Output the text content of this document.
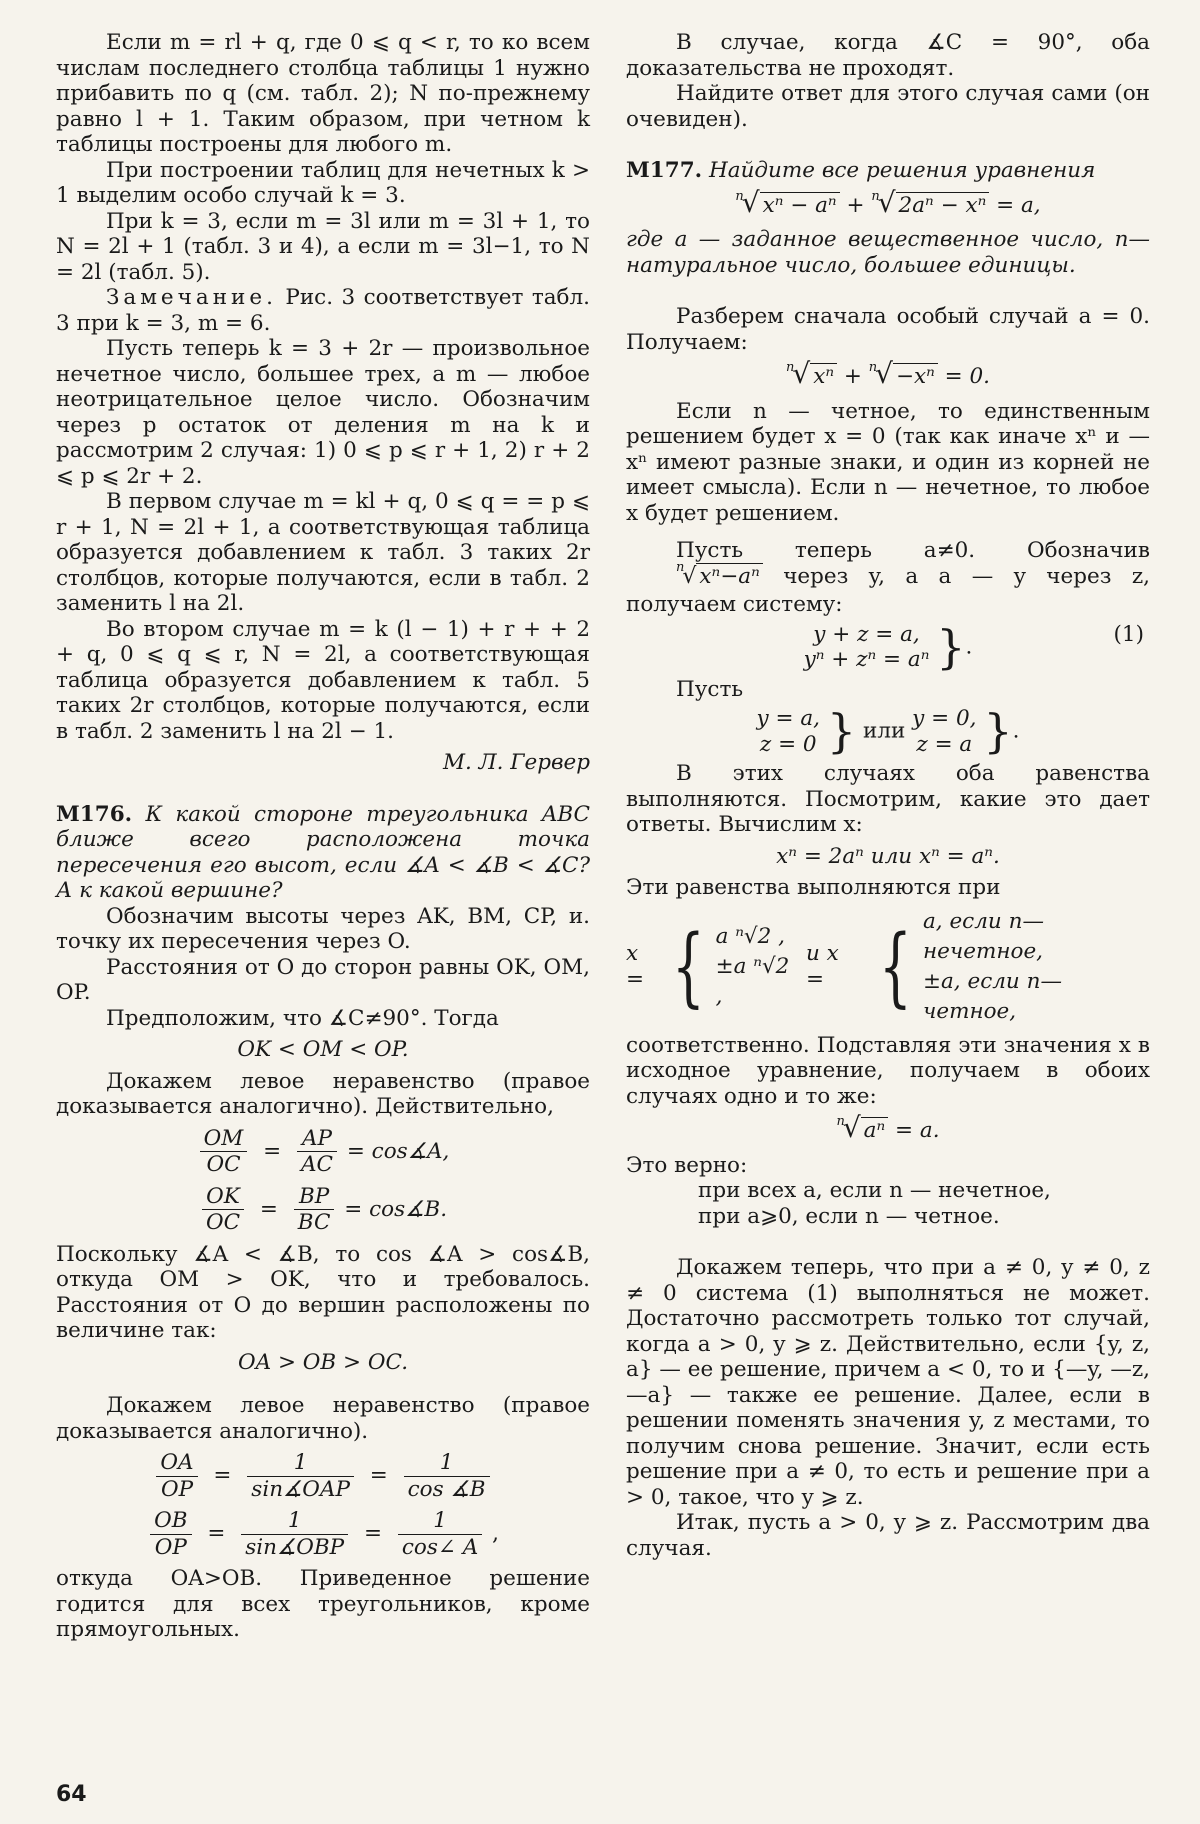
Если m = rl + q, где 0 ⩽ q < r, то ко всем числам последнего столбца таблицы 1 нужно прибавить по q (см. табл. 2); N по-прежнему равно l + 1. Таким образом, при четном k таблицы построены для любого m.

При построении таблиц для нечетных k > 1 выделим особо случай k = 3.

При k = 3, если m = 3l или m = 3l + 1, то N = 2l + 1 (табл. 3 и 4), а если m = 3l−1, то N = 2l (табл. 5).

Замечание. Рис. 3 соответствует табл. 3 при k = 3, m = 6.

Пусть теперь k = 3 + 2r — произвольное нечетное число, большее трех, а m — любое неотрицательное целое число. Обозначим через p остаток от деления m на k и рассмотрим 2 случая: 1) 0 ⩽ p ⩽ r + 1, 2) r + 2 ⩽ p ⩽ 2r + 2.

В первом случае m = kl + q, 0 ⩽ q = = p ⩽ r + 1, N = 2l + 1, а соответствующая таблица образуется добавлением к табл. 3 таких 2r столбцов, которые получаются, если в табл. 2 заменить l на 2l.

Во втором случае m = k (l − 1) + r + + 2 + q, 0 ⩽ q ⩽ r, N = 2l, а соответствующая таблица образуется добавлением к табл. 5 таких 2r столбцов, которые получаются, если в табл. 2 заменить l на 2l − 1.

М. Л. Гервер

М176. К какой стороне треугольника ABC ближе всего расположена точка пересечения его высот, если ∡A < ∡B < ∡C? А к какой вершине?

Обозначим высоты через AK, BM, CP, и. точку их пересечения через O.

Расстояния от O до сторон равны OK, OM, OP.

Предположим, что ∡C≠90°. Тогда

OK < OM < OP.

Докажем левое неравенство (правое доказывается аналогично). Действительно,

$\frac{OM}{OC} = \frac{AP}{AC}$ = cos∡A,
$\frac{OK}{OC} = \frac{BP}{BC}$ = cos∡B.

Поскольку ∡A < ∡B, то cos ∡A > cos∡B, откуда OM > OK, что и требовалось. Расстояния от O до вершин расположены по величине так:

OA > OB > OC.

Докажем левое неравенство (правое доказывается аналогично).

$\frac{OA}{OP} = \frac{1}{\text{sin∡OAP}} = \frac{1}{\cos ∡B}$
$\frac{OB}{OP} = \frac{1}{\text{sin∡OBP}} = \frac{1}{\cos\angle A}$ ,

откуда OA>OB. Приведенное решение годится для всех треугольников, кроме прямоугольных.

В случае, когда ∡C = 90°, оба доказательства не проходят.

Найдите ответ для этого случая сами (он очевиден).

М177. Найдите все решения уравнения

$^n$√ xⁿ − aⁿ + $^n$√ 2aⁿ − xⁿ = a,

где a — заданное вещественное число, n—натуральное число, большее единицы.

Разберем сначала особый случай a = 0. Получаем:

$^n$√ xⁿ + $^n$√ −xⁿ = 0.

Если n — четное, то единственным решением будет x = 0 (так как иначе xⁿ и —xⁿ имеют разные знаки, и один из корней не имеет смысла). Если n — нечетное, то любое x будет решением.

Пусть теперь a≠0. Обозначив $^n$√ xⁿ−aⁿ через y, а a — y через z, получаем систему:

y + z = a,
yⁿ + zⁿ = aⁿ }.	(1)

Пусть

y = a,
z = 0 } или y = 0,
z = a }.

В этих случаях оба равенства выполняются. Посмотрим, какие это дает ответы. Вычислим x:

xⁿ = 2aⁿ или xⁿ = aⁿ.

Эти равенства выполняются при

x = { a ⁿ√2 ,
±a ⁿ√2 ,
и x = { a, если n—нечетное,
±a, если n—четное,

соответственно. Подставляя эти значения x в исходное уравнение, получаем в обоих случаях одно и то же:

$^n$√ aⁿ = a.

Это верно:

при всех a, если n — нечетное,

при a⩾0, если n — четное.

Докажем теперь, что при a ≠ 0, y ≠ 0, z ≠ 0 система (1) выполняться не может. Достаточно рассмотреть только тот случай, когда a > 0, y ⩾ z. Действительно, если {y, z, a} — ее решение, причем a < 0, то и {—y, —z, —a} — также ее решение. Далее, если в решении поменять значения y, z местами, то получим снова решение. Значит, если есть решение при a ≠ 0, то есть и решение при a > 0, такое, что y ⩾ z.

Итак, пусть a > 0, y ⩾ z. Рассмотрим два случая.

64
